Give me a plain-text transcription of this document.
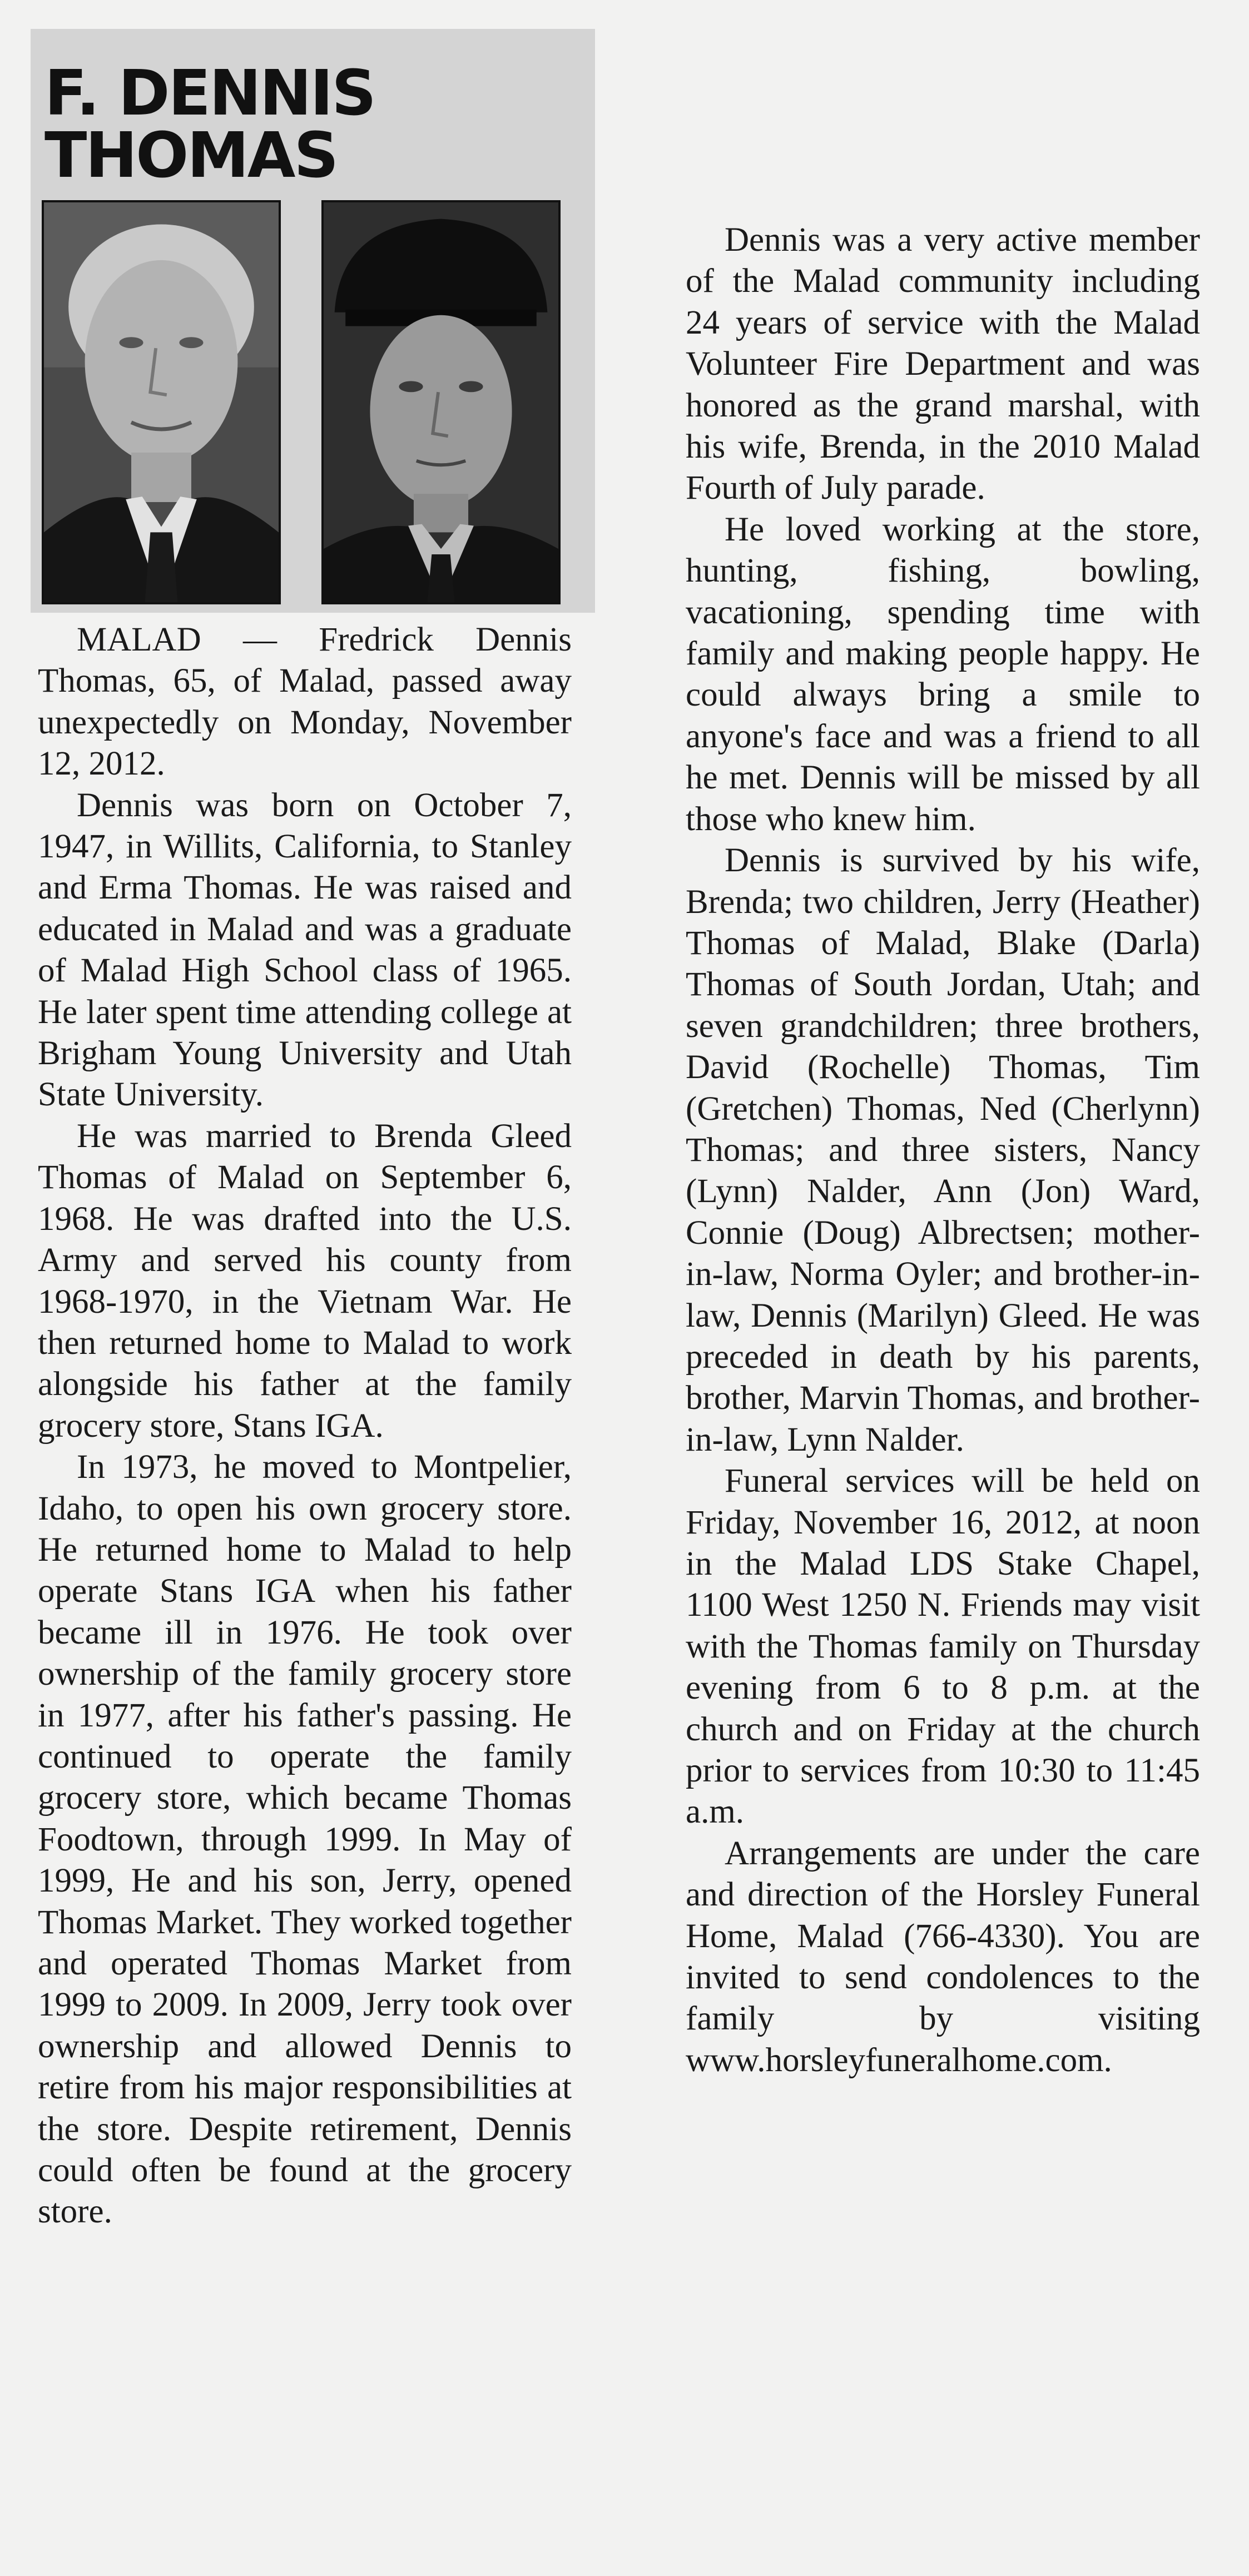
F. DENNIS
THOMAS

MALAD — Fredrick Dennis Thomas, 65, of Malad, passed away unexpectedly on Monday, November 12, 2012.

Dennis was born on October 7, 1947, in Willits, California, to Stanley and Erma Thomas. He was raised and educated in Malad and was a graduate of Malad High School class of 1965. He later spent time attending college at Brigham Young University and Utah State University.

He was married to Brenda Gleed Thomas of Malad on September 6, 1968. He was drafted into the U.S. Army and served his county from 1968-1970, in the Vietnam War. He then returned home to Malad to work alongside his father at the family grocery store, Stans IGA.

In 1973, he moved to Montpelier, Idaho, to open his own grocery store. He returned home to Malad to help operate Stans IGA when his father became ill in 1976. He took over ownership of the family grocery store in 1977, after his father's passing. He continued to operate the family grocery store, which became Thomas Foodtown, through 1999. In May of 1999, He and his son, Jerry, opened Thomas Market. They worked together and operated Thomas Market from 1999 to 2009. In 2009, Jerry took over ownership and allowed Dennis to retire from his major responsibilities at the store. Despite retirement, Dennis could often be found at the grocery store.

Dennis was a very active member of the Malad community including 24 years of service with the Malad Volunteer Fire Department and was honored as the grand marshal, with his wife, Brenda, in the 2010 Malad Fourth of July parade.

He loved working at the store, hunting, fishing, bowling, vacationing, spending time with family and making people happy. He could always bring a smile to anyone's face and was a friend to all he met. Dennis will be missed by all those who knew him.

Dennis is survived by his wife, Brenda; two children, Jerry (Heather) Thomas of Malad, Blake (Darla) Thomas of South Jordan, Utah; and seven grandchildren; three brothers, David (Rochelle) Thomas, Tim (Gretchen) Thomas, Ned (Cherlynn) Thomas; and three sisters, Nancy (Lynn) Nalder, Ann (Jon) Ward, Connie (Doug) Albrectsen; mother-in-law, Norma Oyler; and brother-in-law, Dennis (Marilyn) Gleed. He was preceded in death by his parents, brother, Marvin Thomas, and brother-in-law, Lynn Nalder.

Funeral services will be held on Friday, November 16, 2012, at noon in the Malad LDS Stake Chapel, 1100 West 1250 N. Friends may visit with the Thomas family on Thursday evening from 6 to 8 p.m. at the church and on Friday at the church prior to services from 10:30 to 11:45 a.m.

Arrangements are under the care and direction of the Horsley Funeral Home, Malad (766-4330). You are invited to send condolences to the family by visiting www.horsleyfuneralhome.com.
